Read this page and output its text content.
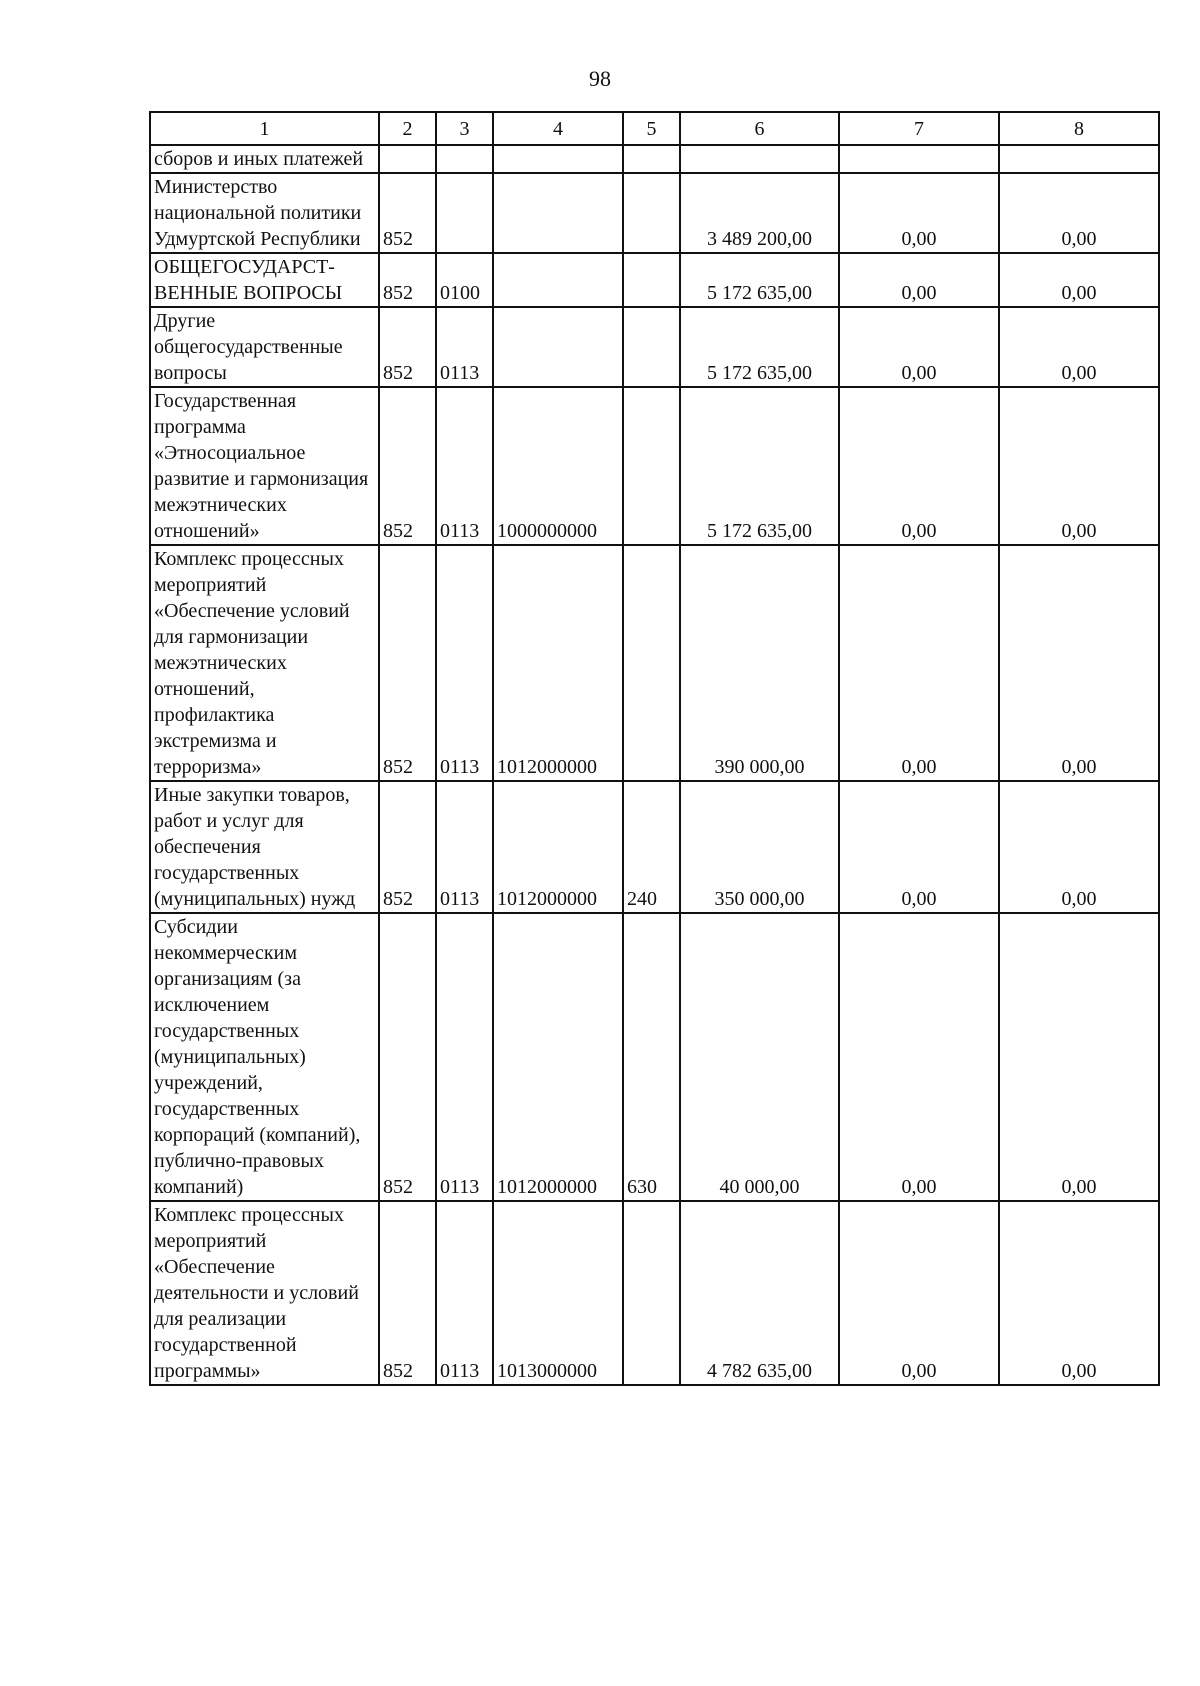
98
1	2	3	4	5	6	7	8
сборов и иных платежей							
Министерство национальной политики Удмуртской Республики	852				3 489 200,00	0,00	0,00
ОБЩЕГОСУДАРСТ-ВЕННЫЕ ВОПРОСЫ	852	0100			5 172 635,00	0,00	0,00
Другие общегосударственные вопросы	852	0113			5 172 635,00	0,00	0,00
Государственная программа «Этносоциальное развитие и гармонизация межэтнических отношений»	852	0113	1000000000		5 172 635,00	0,00	0,00
Комплекс процессных мероприятий «Обеспечение условий для гармонизации межэтнических отношений, профилактика экстремизма и терроризма»	852	0113	1012000000		390 000,00	0,00	0,00
Иные закупки товаров, работ и услуг для обеспечения государственных (муниципальных) нужд	852	0113	1012000000	240	350 000,00	0,00	0,00
Субсидии некоммерческим организациям (за исключением государственных (муниципальных) учреждений, государственных корпораций (компаний), публично-правовых компаний)	852	0113	1012000000	630	40 000,00	0,00	0,00
Комплекс процессных мероприятий «Обеспечение деятельности и условий для реализации государственной программы»	852	0113	1013000000		4 782 635,00	0,00	0,00
